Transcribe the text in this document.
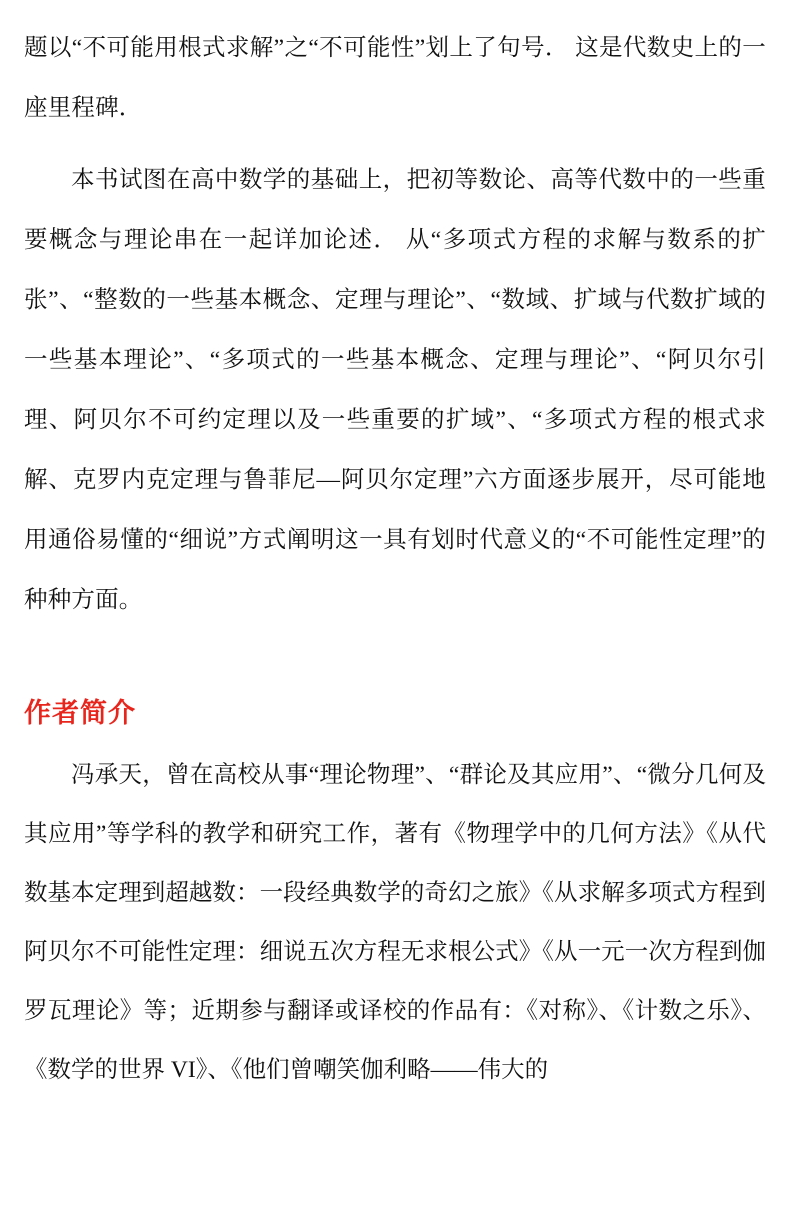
题以“不可能用根式求解”之“不可能性”划上了句号． 这是代数史上的一座里程碑．

本书试图在高中数学的基础上，把初等数论、高等代数中的一些重要概念与理论串在一起详加论述． 从“多项式方程的求解与数系的扩张”、“整数的一些基本概念、定理与理论”、“数域、扩域与代数扩域的一些基本理论”、“多项式的一些基本概念、定理与理论”、“阿贝尔引理、阿贝尔不可约定理以及一些重要的扩域”、“多项式方程的根式求解、克罗内克定理与鲁菲尼—阿贝尔定理”六方面逐步展开，尽可能地用通俗易懂的“细说”方式阐明这一具有划时代意义的“不可能性定理”的种种方面。

作者简介

冯承天，曾在高校从事“理论物理”、“群论及其应用”、“微分几何及其应用”等学科的教学和研究工作，著有《物理学中的几何方法》《从代数基本定理到超越数：一段经典数学的奇幻之旅》《从求解多项式方程到阿贝尔不可能性定理：细说五次方程无求根公式》《从一元一次方程到伽罗瓦理论》等；近期参与翻译或译校的作品有：《对称》、《计数之乐》、《数学的世界 VI》、《他们曾嘲笑伽利略——伟大的
